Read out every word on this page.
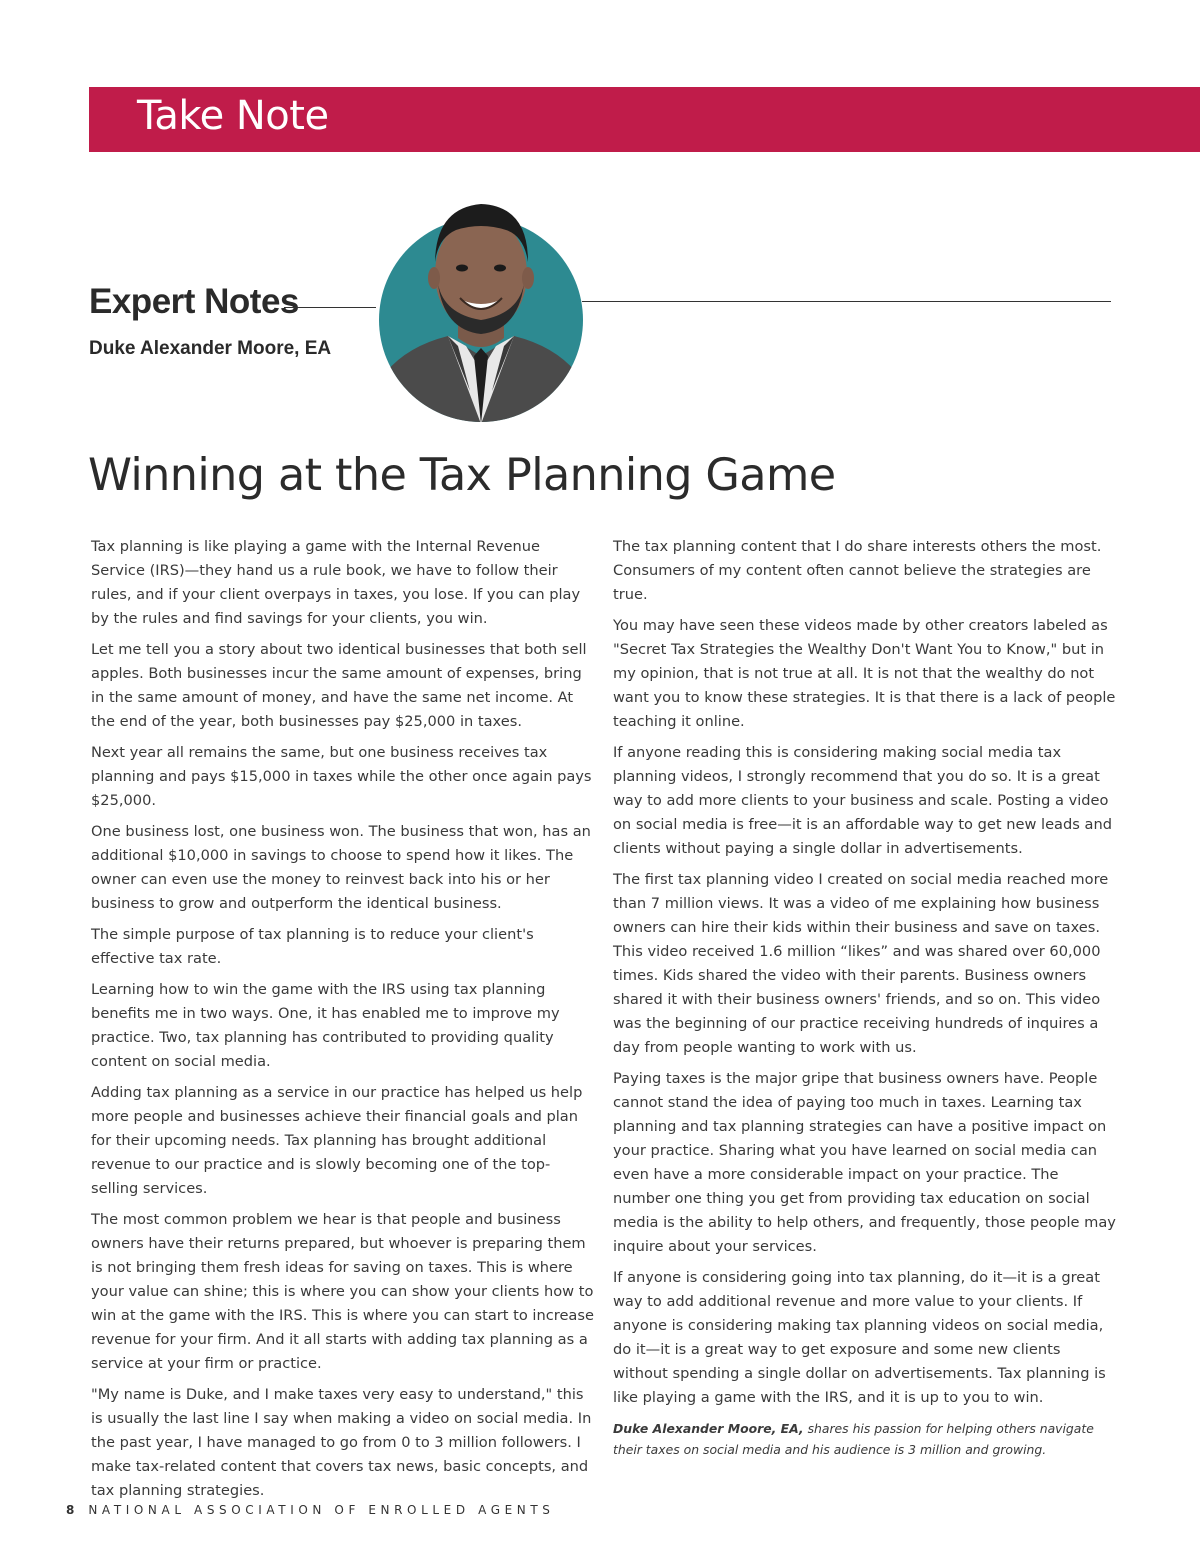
Take Note
Expert Notes
Duke Alexander Moore, EA
Winning at the Tax Planning Game

Tax planning is like playing a game with the Internal Revenue Service (IRS)—they hand us a rule book, we have to follow their rules, and if your client overpays in taxes, you lose. If you can play by the rules and find savings for your clients, you win.

Let me tell you a story about two identical businesses that both sell apples. Both businesses incur the same amount of expenses, bring in the same amount of money, and have the same net income. At the end of the year, both businesses pay $25,000 in taxes.

Next year all remains the same, but one business receives tax planning and pays $15,000 in taxes while the other once again pays $25,000.

One business lost, one business won. The business that won, has an additional $10,000 in savings to choose to spend how it likes. The owner can even use the money to reinvest back into his or her business to grow and outperform the identical business.

The simple purpose of tax planning is to reduce your client's effective tax rate.

Learning how to win the game with the IRS using tax planning benefits me in two ways. One, it has enabled me to improve my practice. Two, tax planning has contributed to providing quality content on social media.

Adding tax planning as a service in our practice has helped us help more people and businesses achieve their financial goals and plan for their upcoming needs. Tax planning has brought additional revenue to our practice and is slowly becoming one of the top-selling services.

The most common problem we hear is that people and business owners have their returns prepared, but whoever is preparing them is not bringing them fresh ideas for saving on taxes. This is where your value can shine; this is where you can show your clients how to win at the game with the IRS. This is where you can start to increase revenue for your firm. And it all starts with adding tax planning as a service at your firm or practice.

"My name is Duke, and I make taxes very easy to understand," this is usually the last line I say when making a video on social media. In the past year, I have managed to go from 0 to 3 million followers. I make tax-related content that covers tax news, basic concepts, and tax planning strategies.

The tax planning content that I do share interests others the most. Consumers of my content often cannot believe the strategies are true.

You may have seen these videos made by other creators labeled as "Secret Tax Strategies the Wealthy Don't Want You to Know," but in my opinion, that is not true at all. It is not that the wealthy do not want you to know these strategies. It is that there is a lack of people teaching it online.

If anyone reading this is considering making social media tax planning videos, I strongly recommend that you do so. It is a great way to add more clients to your business and scale. Posting a video on social media is free—it is an affordable way to get new leads and clients without paying a single dollar in advertisements.

The first tax planning video I created on social media reached more than 7 million views. It was a video of me explaining how business owners can hire their kids within their business and save on taxes. This video received 1.6 million “likes” and was shared over 60,000 times. Kids shared the video with their parents. Business owners shared it with their business owners' friends, and so on. This video was the beginning of our practice receiving hundreds of inquires a day from people wanting to work with us.

Paying taxes is the major gripe that business owners have. People cannot stand the idea of paying too much in taxes. Learning tax planning and tax planning strategies can have a positive impact on your practice. Sharing what you have learned on social media can even have a more considerable impact on your practice. The number one thing you get from providing tax education on social media is the ability to help others, and frequently, those people may inquire about your services.

If anyone is considering going into tax planning, do it—it is a great way to add additional revenue and more value to your clients. If anyone is considering making tax planning videos on social media, do it—it is a great way to get exposure and some new clients without spending a single dollar on advertisements. Tax planning is like playing a game with the IRS, and it is up to you to win.

Duke Alexander Moore, EA, shares his passion for helping others navigate their taxes on social media and his audience is 3 million and growing.
8 NATIONAL ASSOCIATION OF ENROLLED AGENTS
